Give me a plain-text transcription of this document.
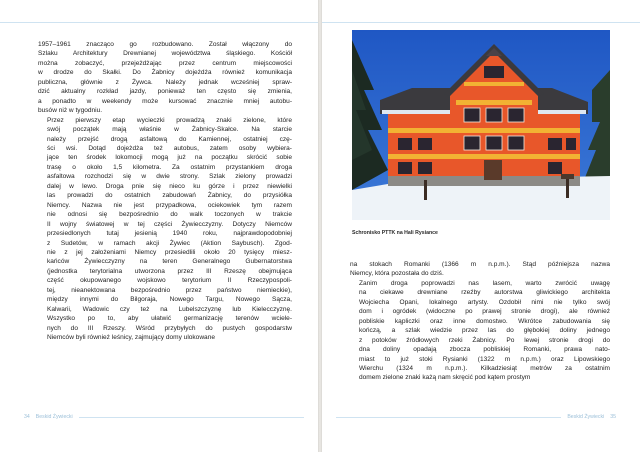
1957–1961 znacząco go rozbudowano. Został włączony do
Szlaku Architektury Drewnianej województwa śląskiego. Kościół
można zobaczyć, przejeżdżając przez centrum miejscowości
w drodze do Skałki. Do Żabnicy dojeżdża również komunikacja
publiczna, głównie z Żywca. Należy jednak wcześniej spraw-
dzić aktualny rozkład jazdy, ponieważ ten często się zmienia,
a ponadto w weekendy może kursować znacznie mniej autobu-
busów niż w tygodniu.

Przez pierwszy etap wycieczki prowadzą znaki zielone, które
swój początek mają właśnie w Żabnicy-Skałce. Na starcie
należy przejść drogą asfaltową do Kamiennej, ostatniej czę-
ści wsi. Dotąd dojeżdża też autobus, zatem osoby wybiera-
jące ten środek lokomocji mogą już na początku skrócić sobie
trasę o około 1,5 kilometra. Za ostatnim przystankiem droga
asfaltowa rozchodzi się w dwie strony. Szlak zielony prowadzi
dalej w lewo. Droga pnie się nieco ku górze i przez niewielki
las prowadzi do ostatnich zabudowań Żabnicy, do przysiółka
Niemcy. Nazwa nie jest przypadkowa, ociekowiek tym razem
nie odnosi się bezpośrednio do walk toczonych w trakcie
II wojny światowej w tej części Żywiecczyzny. Dotyczy Niemców
przesiedlonych tutaj jesienią 1940 roku, najprawdopodobniej
z Sudetów, w ramach akcji Żywiec (Aktion Saybusch). Zgod-
nie z jej założeniami Niemcy przesiedlili około 20 tysięcy miesz-
kańców Żywiecczyzny na teren Generalnego Gubernatorstwa
(jednostka terytorialna utworzona przez III Rzeszę obejmująca
część okupowanego wojskowo terytorium II Rzeczypospoli-
tej, nieanektowana bezpośrednio przez państwo niemieckie),
między innymi do Bilgoraja, Nowego Targu, Nowego Sącza,
Kalwarii, Wadowic czy też na Lubelszczyznę lub Kielecczyznę.
Wszystko po to, aby ułatwić germanizację terenów wciele-
nych do III Rzeszy. Wśród przybyłych do pustych gospodarstw
Niemców byli również leśnicy, zajmujący domy ulokowane

34 Beskid Żywiecki
Schronisko PTTK na Hali Rysiance

na stokach Romanki (1366 m n.p.m.). Stąd późniejsza nazwa
Niemcy, która pozostała do dziś.

Zanim droga poprowadzi nas lasem, warto zwrócić uwagę
na ciekawe drewniane rzeźby autorstwa gliwickiego architekta
Wojciecha Opani, lokalnego artysty. Ozdobił nimi nie tylko swój
dom i ogródek (widoczne po prawej stronie drogi), ale również
pobliskie kąpliczki oraz inne domostwo. Wkrótce zabudowania się
kończą, a szlak wiedzie przez las do głębokiej doliny jednego
z potoków źródłowych rzeki Żabnicy. Po lewej stronie drogi do
dna doliny opadają zbocza pobliskiej Romanki, prawa nato-
miast to już stoki Rysianki (1322 m n.p.m.) oraz Lipowskiego
Wierchu (1324 m n.p.m.). Kilkadziesiąt metrów za ostatnim
domem zielone znaki każą nam skręcić pod kątem prostym

Beskid Żywiecki 35
